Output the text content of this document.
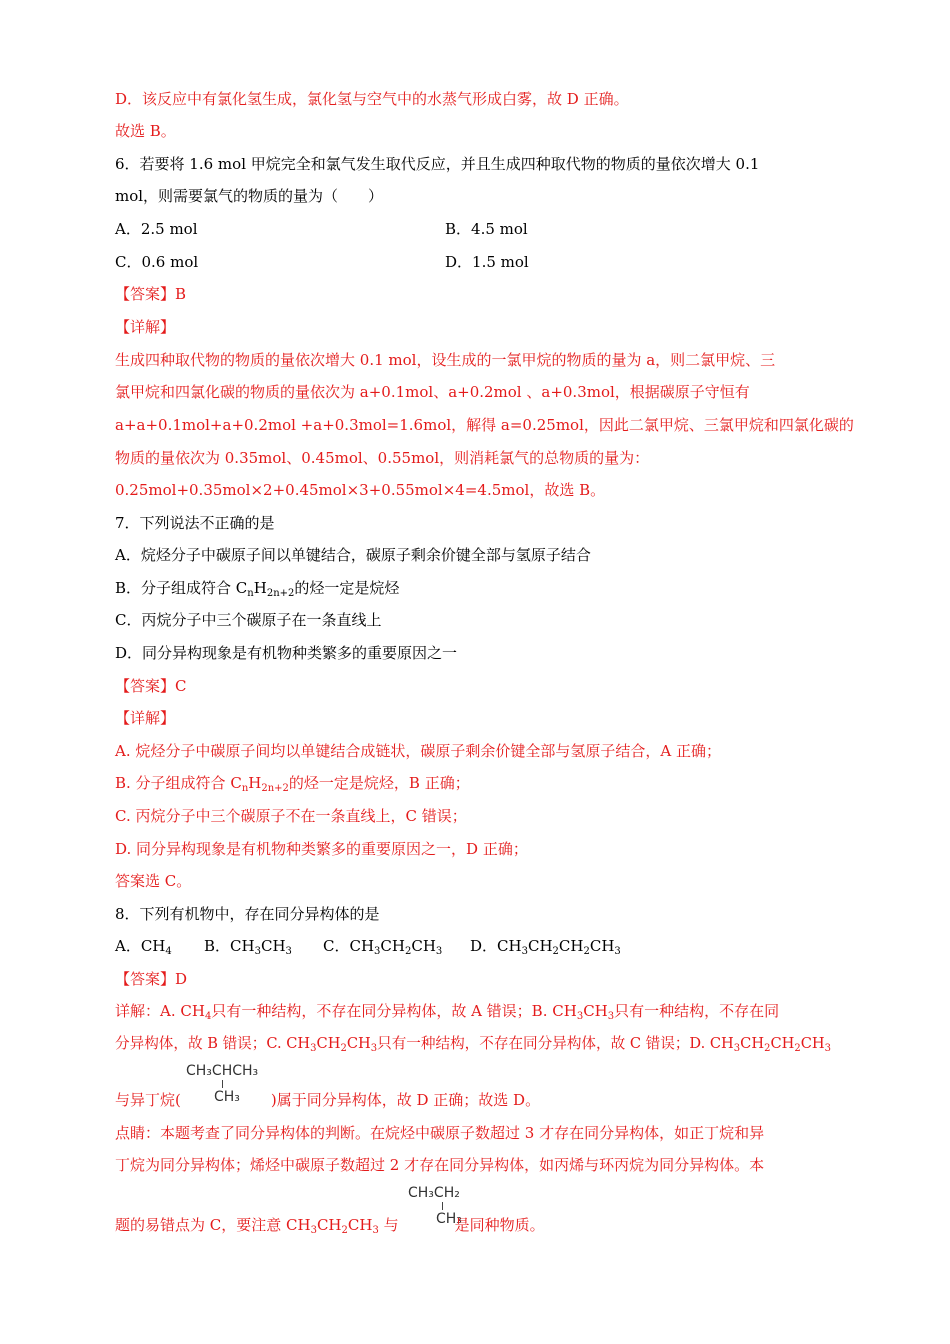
D．该反应中有氯化氢生成，氯化氢与空气中的水蒸气形成白雾，故 D 正确。
故选 B。
6．若要将 1.6 mol 甲烷完全和氯气发生取代反应，并且生成四种取代物的物质的量依次增大 0.1
mol，则需要氯气的物质的量为（　　）
A．2.5 mol	B．4.5 mol
C．0.6 mol	D．1.5 mol
【答案】B
【详解】
生成四种取代物的物质的量依次增大 0.1 mol，设生成的一氯甲烷的物质的量为 a，则二氯甲烷、三
氯甲烷和四氯化碳的物质的量依次为 a+0.1mol、a+0.2mol 、a+0.3mol，根据碳原子守恒有
a+a+0.1mol+a+0.2mol +a+0.3mol=1.6mol，解得 a=0.25mol，因此二氯甲烷、三氯甲烷和四氯化碳的
物质的量依次为 0.35mol、0.45mol、0.55mol，则消耗氯气的总物质的量为：
0.25mol+0.35mol×2+0.45mol×3+0.55mol×4=4.5mol，故选 B。
7．下列说法不正确的是
A．烷烃分子中碳原子间以单键结合，碳原子剩余价键全部与氢原子结合
B．分子组成符合 $C_nH_{2n+2}$的烃一定是烷烃
C．丙烷分子中三个碳原子在一条直线上
D．同分异构现象是有机物种类繁多的重要原因之一
【答案】C
【详解】
A. 烷烃分子中碳原子间均以单键结合成链状，碳原子剩余价键全部与氢原子结合，A 正确；
B. 分子组成符合 $C_nH_{2n+2}$的烃一定是烷烃，B 正确；
C. 丙烷分子中三个碳原子不在一条直线上，C 错误；
D. 同分异构现象是有机物种类繁多的重要原因之一，D 正确；
答案选 C。
8．下列有机物中，存在同分异构体的是
A．$CH_4$ B．$CH_3CH_3$ C．$CH_3CH_2CH_3$ D．$CH_3CH_2CH_2CH_3$
【答案】D
详解：A. $CH_4$只有一种结构，不存在同分异构体，故 A 错误；B. $CH_3CH_3$只有一种结构，不存在同
分异构体，故 B 错误；C. $CH_3CH_2CH_3$只有一种结构，不存在同分异构体，故 C 错误；D. $CH_3CH_2CH_2CH_3$
CH₃CHCH₃
CH₃
与异丁烷(	)属于同分异构体，故 D 正确；故选 D。
点睛：本题考查了同分异构体的判断。在烷烃中碳原子数超过 3 才存在同分异构体，如正丁烷和异
丁烷为同分异构体；烯烃中碳原子数超过 2 才存在同分异构体，如丙烯与环丙烷为同分异构体。本
CH₃CH₂
CH₃
题的易错点为 C，要注意 $CH_3CH_2CH_3$ 与	是同种物质。
